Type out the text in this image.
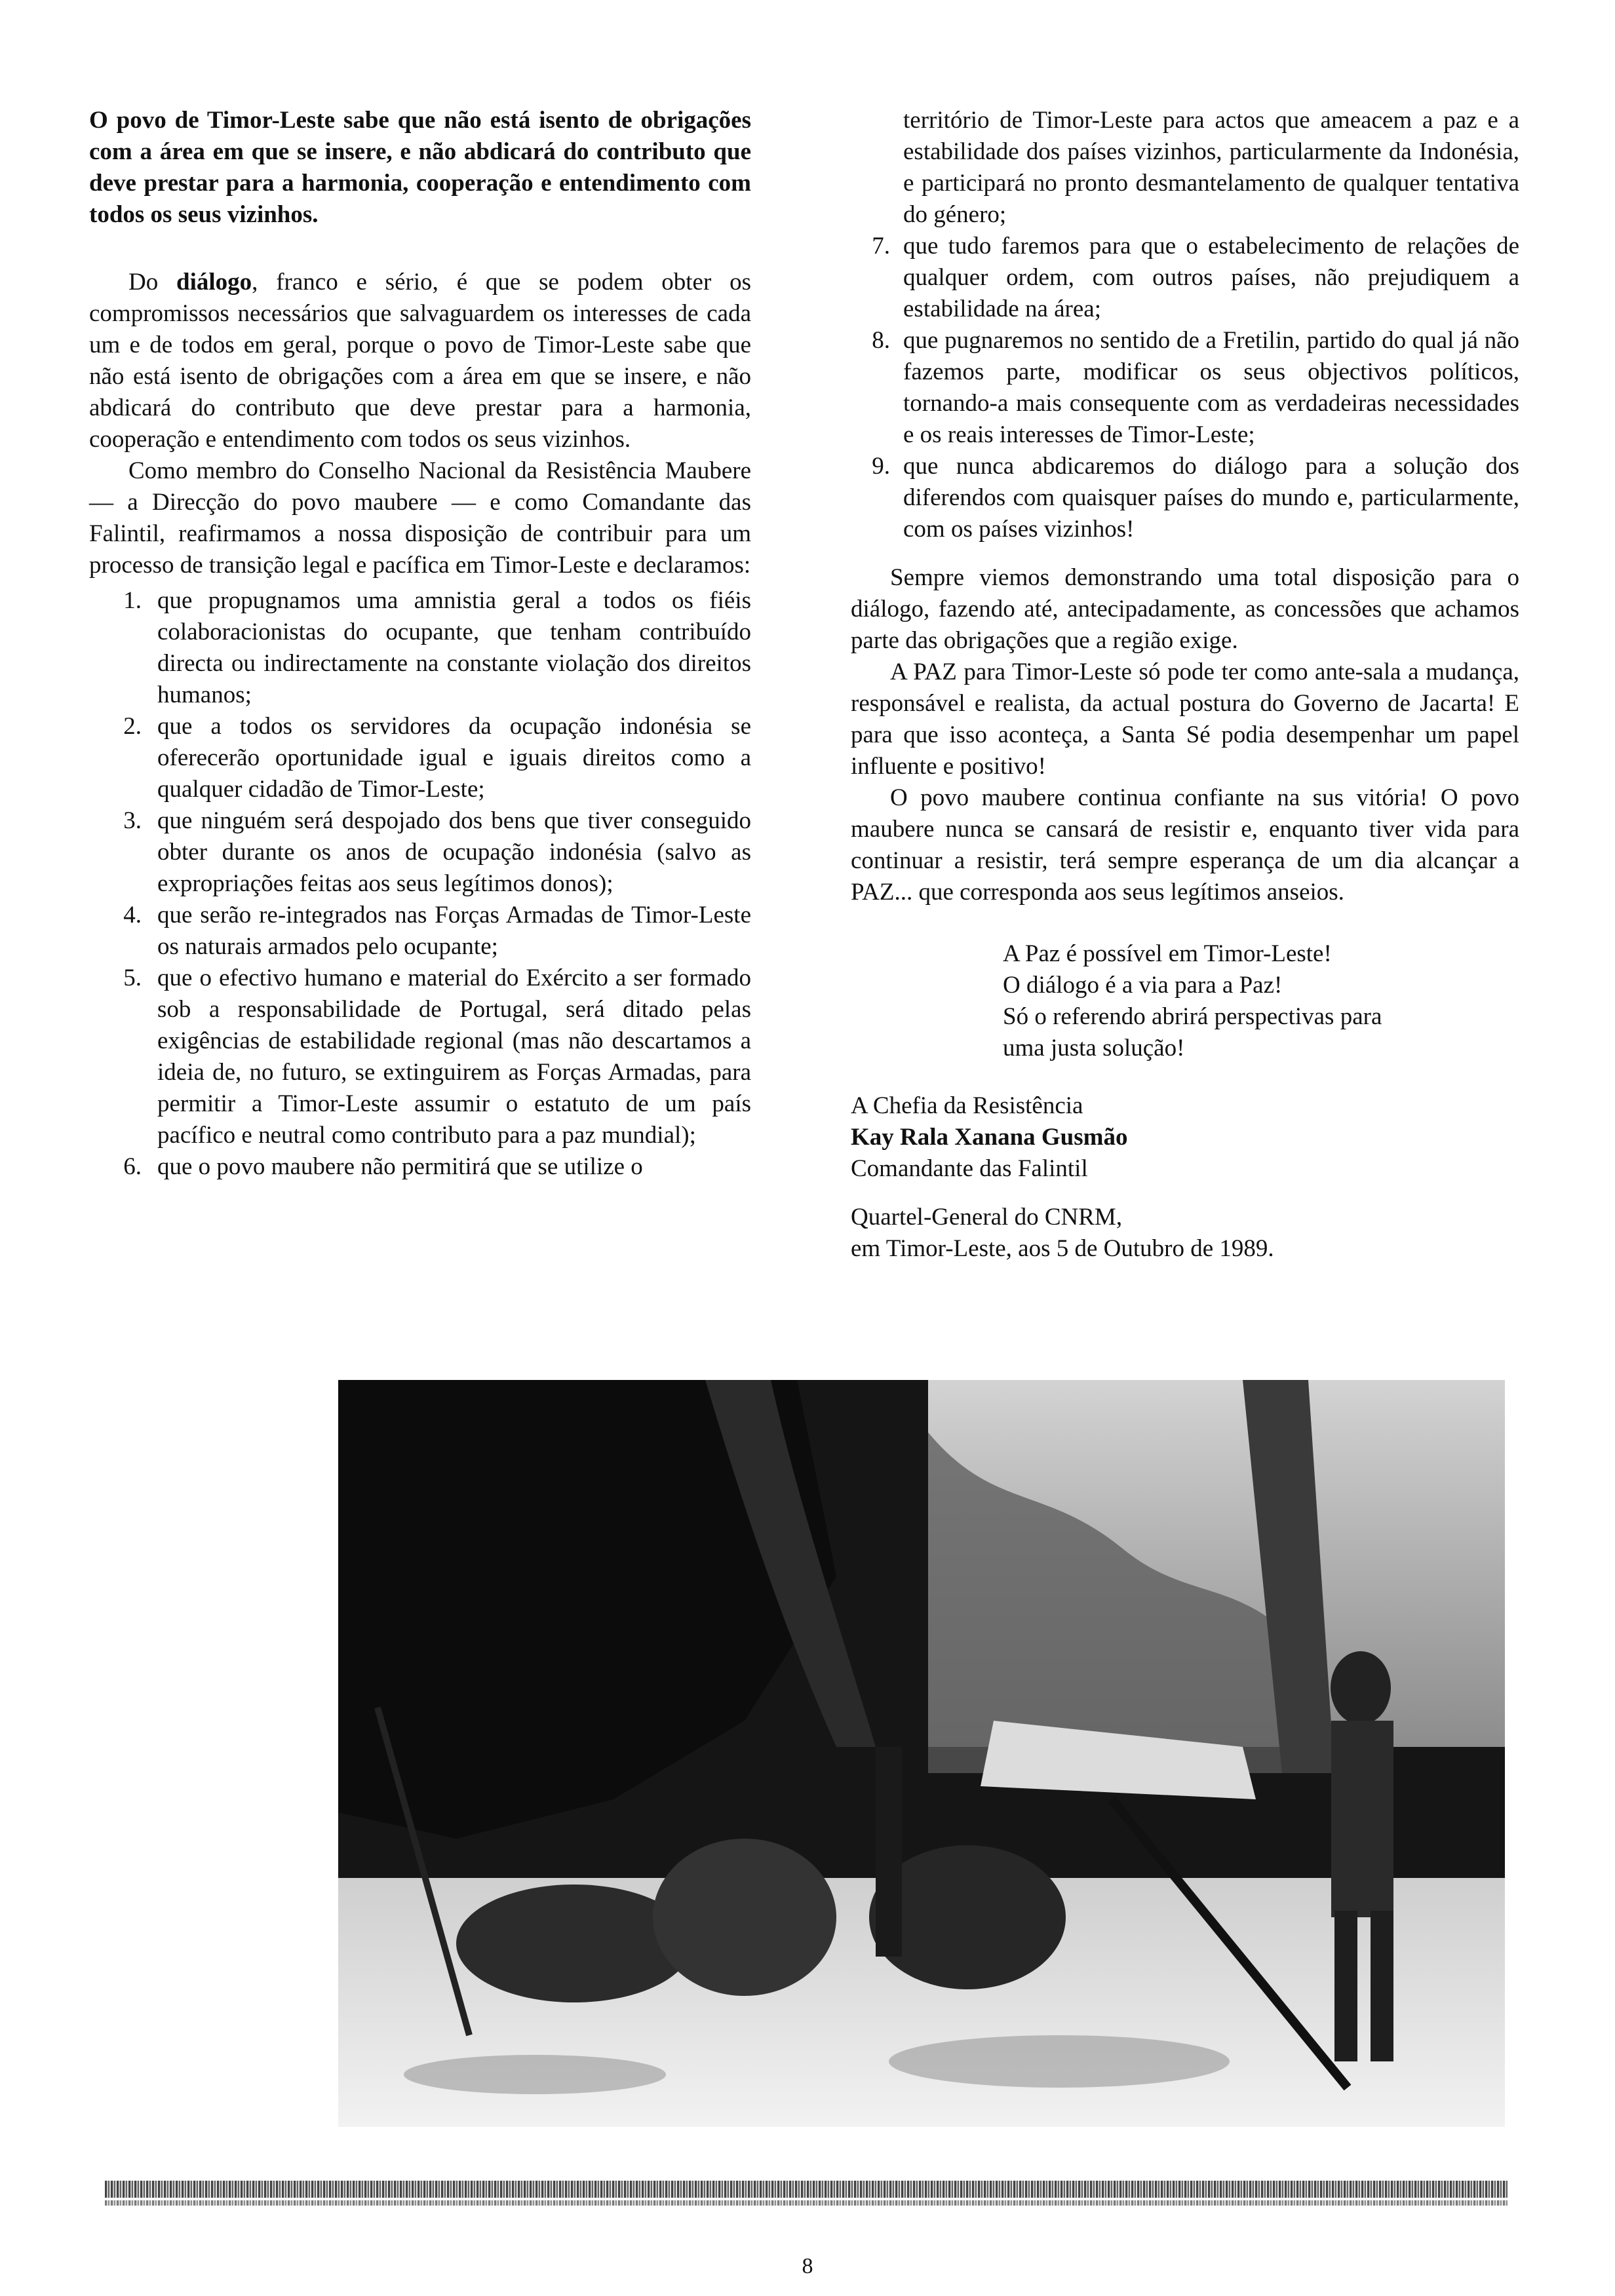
O povo de Timor-Leste sabe que não está isento de obrigações com a área em que se insere, e não abdicará do contributo que deve prestar para a harmonia, cooperação e entendimento com todos os seus vizinhos.

Do diálogo, franco e sério, é que se podem obter os compromissos necessários que salvaguardem os interesses de cada um e de todos em geral, porque o povo de Timor-Leste sabe que não está isento de obrigações com a área em que se insere, e não abdicará do contributo que deve prestar para a harmonia, cooperação e entendimento com todos os seus vizinhos.

Como membro do Conselho Nacional da Resistência Maubere — a Direcção do povo maubere — e como Comandante das Falintil, reafirmamos a nossa disposição de contribuir para um processo de transição legal e pacífica em Timor-Leste e declaramos:

1. que propugnamos uma amnistia geral a todos os fiéis colaboracionistas do ocupante, que tenham contribuído directa ou indirectamente na constante violação dos direitos humanos;
2. que a todos os servidores da ocupação indonésia se oferecerão oportunidade igual e iguais direitos como a qualquer cidadão de Timor-Leste;
3. que ninguém será despojado dos bens que tiver conseguido obter durante os anos de ocupação indonésia (salvo as expropriações feitas aos seus legítimos donos);
4. que serão re-integrados nas Forças Armadas de Timor-Leste os naturais armados pelo ocupante;
5. que o efectivo humano e material do Exército a ser formado sob a responsabilidade de Portugal, será ditado pelas exigências de estabilidade regional (mas não descartamos a ideia de, no futuro, se extinguirem as Forças Armadas, para permitir a Timor-Leste assumir o estatuto de um país pacífico e neutral como contributo para a paz mundial);
6. que o povo maubere não permitirá que se utilize o
território de Timor-Leste para actos que ameacem a paz e a estabilidade dos países vizinhos, particularmente da Indonésia, e participará no pronto desmantelamento de qualquer tentativa do género;
7. que tudo faremos para que o estabelecimento de relações de qualquer ordem, com outros países, não prejudiquem a estabilidade na área;
8. que pugnaremos no sentido de a Fretilin, partido do qual já não fazemos parte, modificar os seus objectivos políticos, tornando-a mais consequente com as verdadeiras necessidades e os reais interesses de Timor-Leste;
9. que nunca abdicaremos do diálogo para a solução dos diferendos com quaisquer países do mundo e, particularmente, com os países vizinhos!

Sempre viemos demonstrando uma total disposição para o diálogo, fazendo até, antecipadamente, as concessões que achamos parte das obrigações que a região exige.

A PAZ para Timor-Leste só pode ter como ante-sala a mudança, responsável e realista, da actual postura do Governo de Jacarta! E para que isso aconteça, a Santa Sé podia desempenhar um papel influente e positivo!

O povo maubere continua confiante na sus vitória! O povo maubere nunca se cansará de resistir e, enquanto tiver vida para continuar a resistir, terá sempre esperança de um dia alcançar a PAZ... que corresponda aos seus legítimos anseios.

A Paz é possível em Timor-Leste!
O diálogo é a via para a Paz!
Só o referendo abrirá perspectivas para
uma justa solução!
A Chefia da Resistência
Kay Rala Xanana Gusmão
Comandante das Falintil
Quartel-General do CNRM,
em Timor-Leste, aos 5 de Outubro de 1989.
8
